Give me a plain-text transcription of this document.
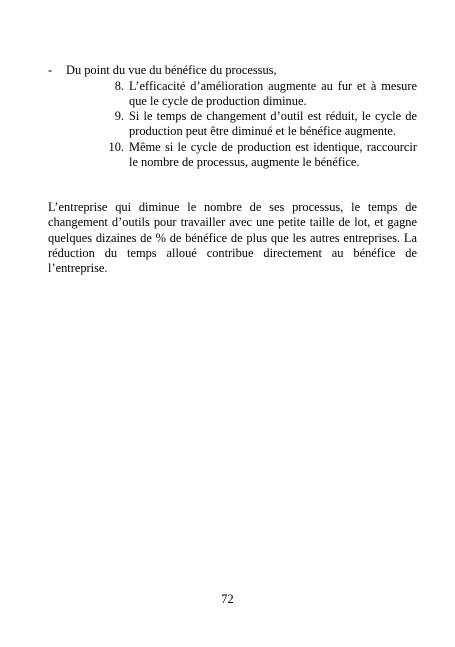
-	Du point du vue du bénéfice du processus,
8. L’efficacité d’amélioration augmente au fur et à mesure que le cycle de production diminue.
9. Si le temps de changement d’outil est réduit, le cycle de production peut être diminué et le bénéfice augmente.
10. Même si le cycle de production est identique, raccourcir le nombre de processus, augmente le bénéfice.

L’entreprise qui diminue le nombre de ses processus, le temps de changement d’outils pour travailler avec une petite taille de lot, et gagne quelques dizaines de % de bénéfice de plus que les autres entreprises. La réduction du temps alloué contribue directement au bénéfice de l’entreprise.

72
